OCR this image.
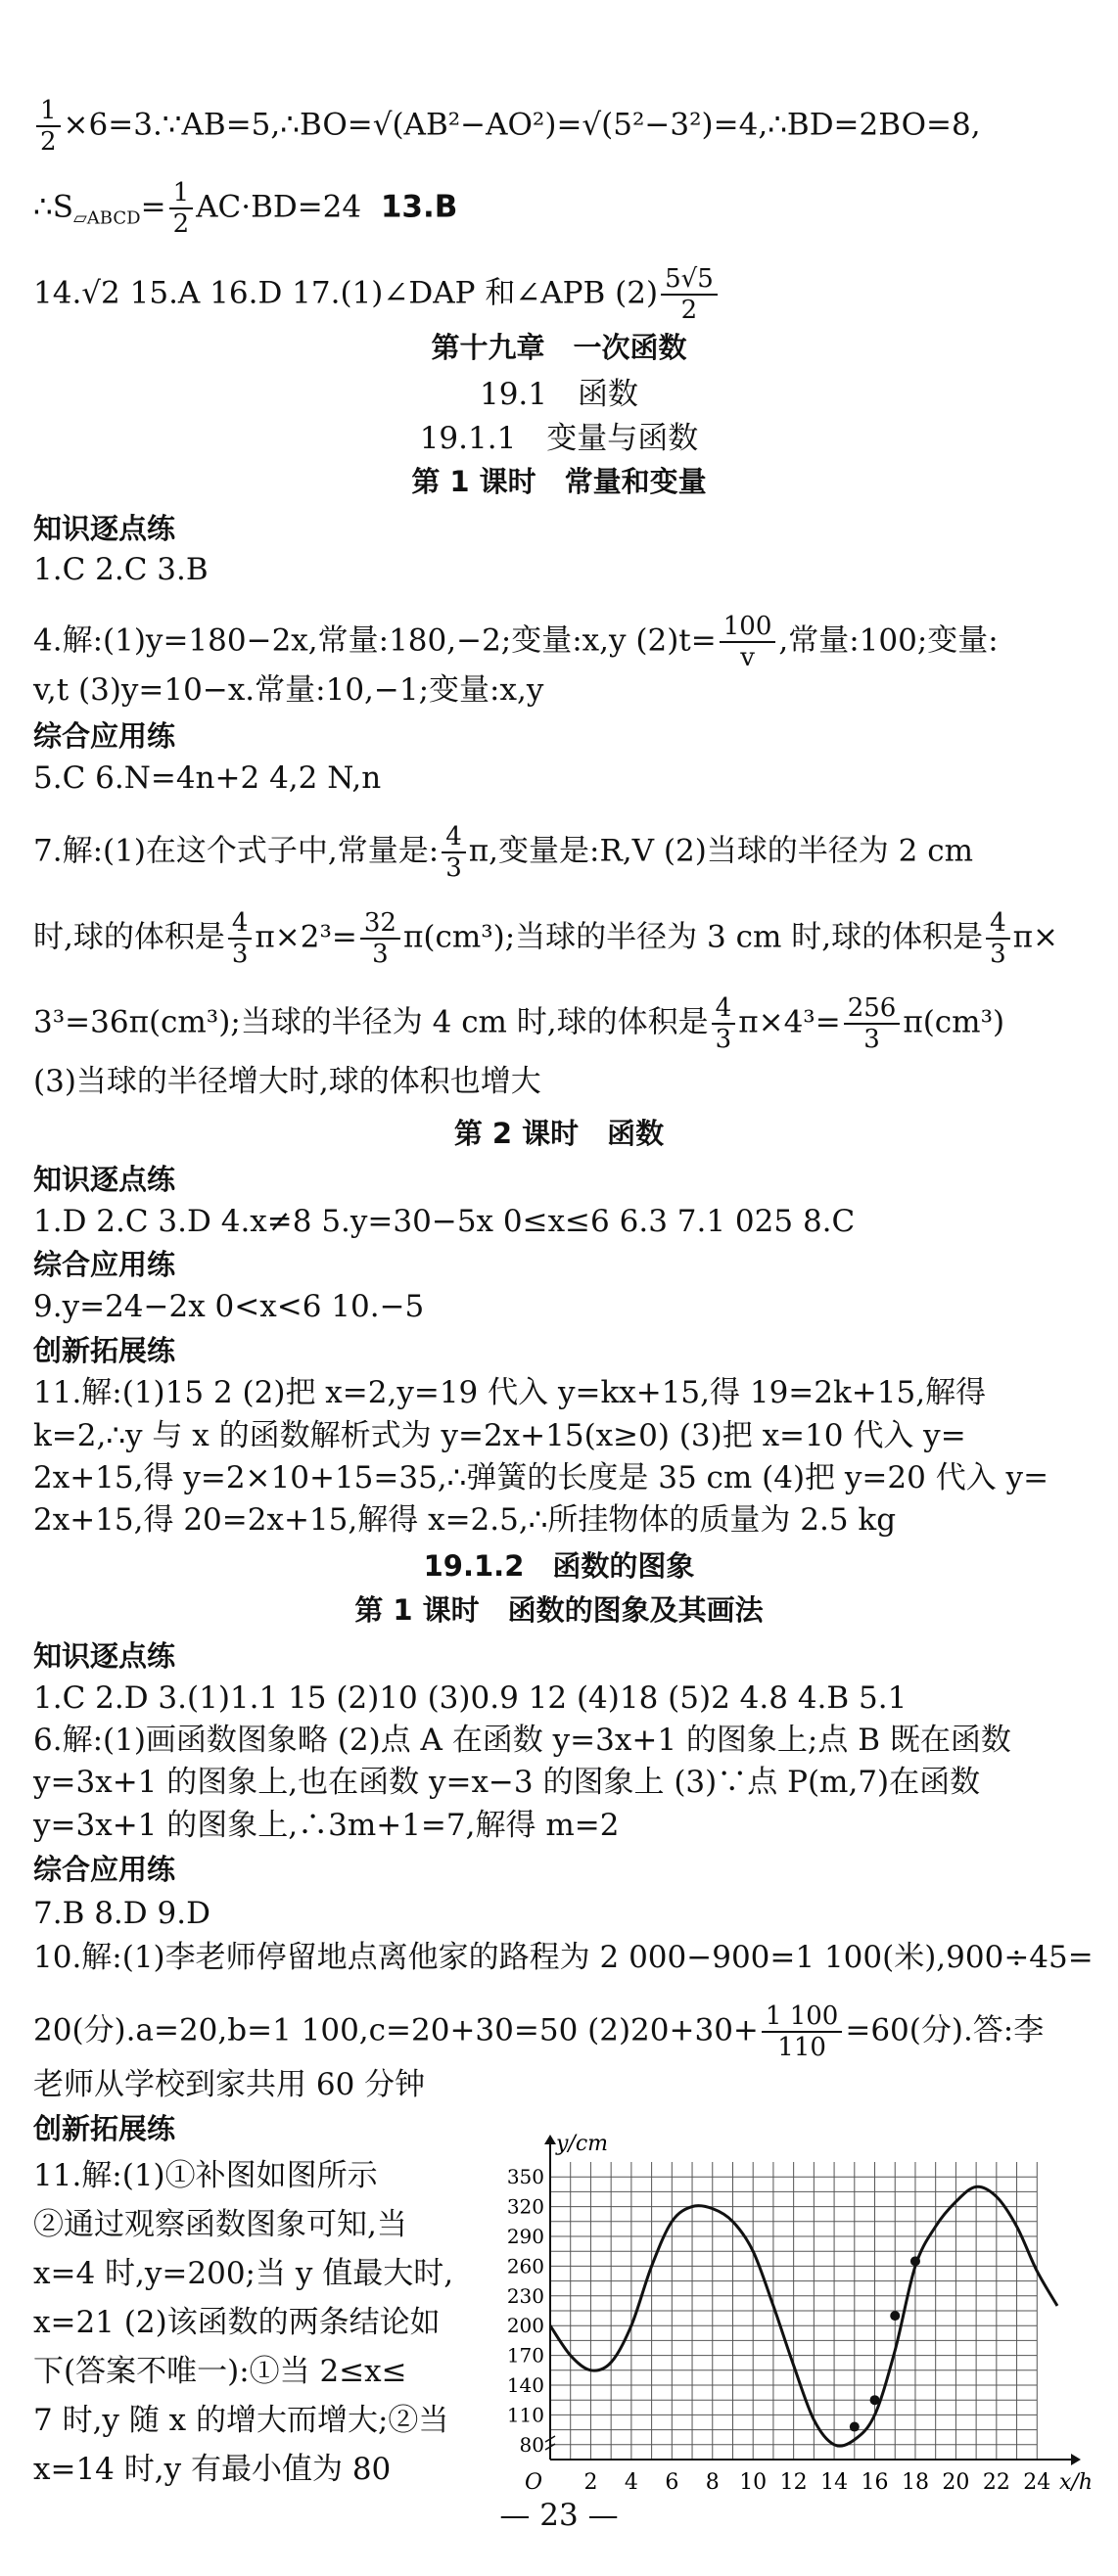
$\frac{1}{2}$ ×6=3.∵AB=5,∴BO=√(AB²−AO²)=√(5²−3²)=4,∴BD=2BO=8,
$\therefore S_{▱ABCD}= \frac{1}{2} AC\cdot BD=24$ 13.B
14.√2 15.A 16.D 17.(1)∠DAP 和∠APB $(2) \frac{5√5}{2}$
第十九章　一次函数
19.1　函数
19.1.1　变量与函数
第 1 课时　常量和变量
知识逐点练
1.C 2.C 3.B
4.解:(1)y=180−2x,常量:180,−2;变量:x,y $(2)t= \frac{100}{v}$ ,常量:100;变量:
v,t (3)y=10−x.常量:10,−1;变量:x,y
综合应用练
5.C 6.N=4n+2 4,2 N,n
7.解:(1)在这个式子中,常量是: $\frac{4}{3} \pi$,变量是:R,V (2)当球的半径为 2 cm
时,球的体积是 $\frac{4}{3} \pi\times 2^3= \frac{32}{3} \pi(cm^3)$;当球的半径为 3 cm 时,球的体积是 $\frac{4}{3} \pi\times$
3³=36π(cm³);当球的半径为 4 cm 时,球的体积是 $\frac{4}{3} \pi\times 4^3= \frac{256}{3} \pi(cm^3)$
(3)当球的半径增大时,球的体积也增大
第 2 课时　函数
知识逐点练
1.D 2.C 3.D 4.x≠8 5.y=30−5x 0≤x≤6 6.3 7.1 025 8.C
综合应用练
9.y=24−2x 0<x<6 10.−5
创新拓展练
11.解:(1)15 2 (2)把 x=2,y=19 代入 y=kx+15,得 19=2k+15,解得
k=2,∴y 与 x 的函数解析式为 y=2x+15(x≥0) (3)把 x=10 代入 y=
2x+15,得 y=2×10+15=35,∴弹簧的长度是 35 cm (4)把 y=20 代入 y=
2x+15,得 20=2x+15,解得 x=2.5,∴所挂物体的质量为 2.5 kg
19.1.2　函数的图象
第 1 课时　函数的图象及其画法
知识逐点练
1.C 2.D 3.(1)1.1 15 (2)10 (3)0.9 12 (4)18 (5)2 4.8 4.B 5.1
6.解:(1)画函数图象略 (2)点 A 在函数 y=3x+1 的图象上;点 B 既在函数
y=3x+1 的图象上,也在函数 y=x−3 的图象上 (3)∵点 P(m,7)在函数
y=3x+1 的图象上,∴3m+1=7,解得 m=2
综合应用练
7.B 8.D 9.D
10.解:(1)李老师停留地点离他家的路程为 2 000−900=1 100(米),900÷45=
20(分).a=20,b=1 100,c=20+30=50 $(2)20+30+ \frac{1 100}{110} =60$(分).答:李
老师从学校到家共用 60 分钟
创新拓展练
11.解:(1)①补图如图所示
②通过观察函数图象可知,当
x=4 时,y=200;当 y 值最大时,
x=21 (2)该函数的两条结论如
下(答案不唯一):①当 2≤x≤
7 时,y 随 x 的增大而增大;②当
x=14 时,y 有最小值为 80	2 4 6 8 10 12 14 16 18 20 22 24
80
110
140
170
200
230
260
290
320
350
O	x/h
y/cm
— 23 —
